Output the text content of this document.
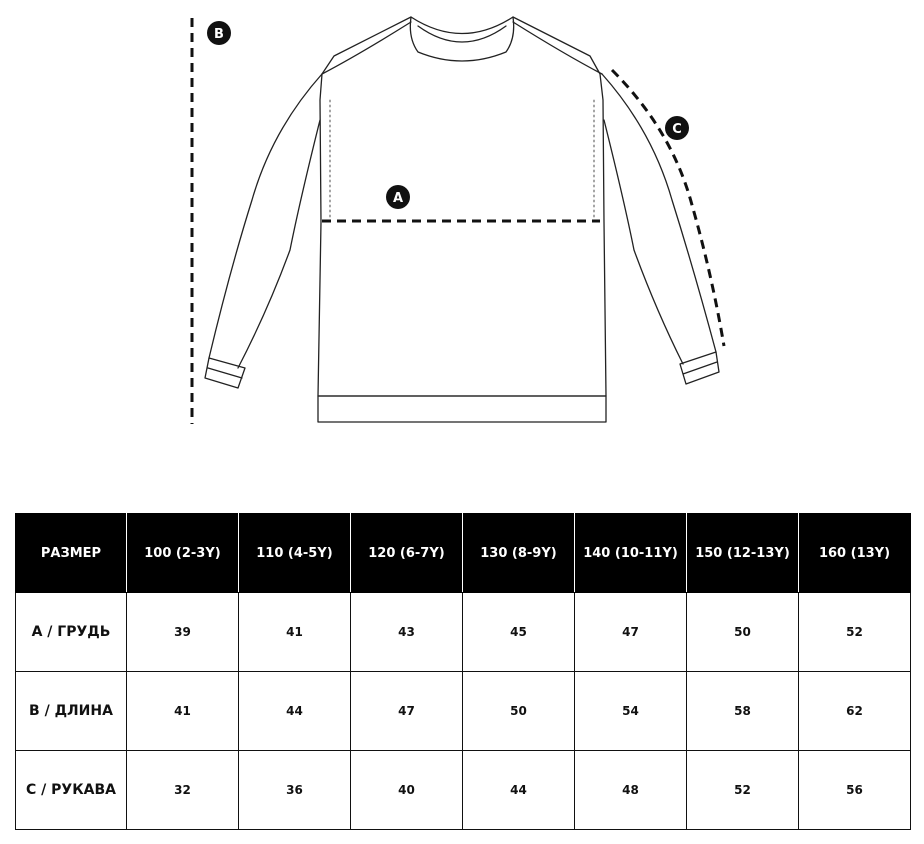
B
A
C
РАЗМЕР	100 (2-3Y)	110 (4-5Y)	120 (6-7Y)	130 (8-9Y)	140 (10-11Y)	150 (12-13Y)	160 (13Y)
A / ГРУДЬ	39	41	43	45	47	50	52
B / ДЛИНА	41	44	47	50	54	58	62
C / РУКАВА	32	36	40	44	48	52	56
